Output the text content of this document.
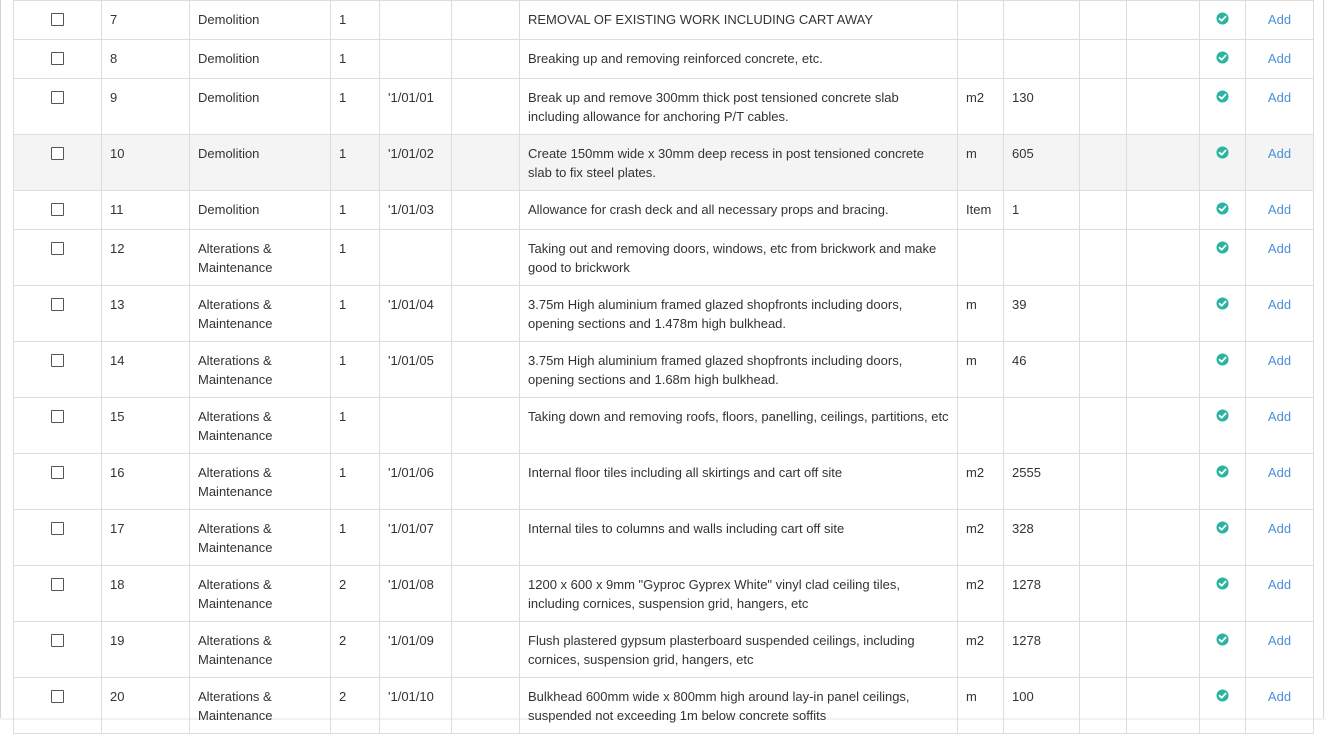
	7	Demolition	1			REMOVAL OF EXISTING WORK INCLUDING CART AWAY						Add
	8	Demolition	1			Breaking up and removing reinforced concrete, etc.						Add
	9	Demolition	1	'1/01/01		Break up and remove 300mm thick post tensioned concrete slab including allowance for anchoring P/T cables.	m2	130				Add
	10	Demolition	1	'1/01/02		Create 150mm wide x 30mm deep recess in post tensioned concrete slab to fix steel plates.	m	605				Add
	11	Demolition	1	'1/01/03		Allowance for crash deck and all necessary props and bracing.	Item	1				Add
	12	Alterations & Maintenance	1			Taking out and removing doors, windows, etc from brickwork and make good to brickwork						Add
	13	Alterations & Maintenance	1	'1/01/04		3.75m High aluminium framed glazed shopfronts including doors, opening sections and 1.478m high bulkhead.	m	39				Add
	14	Alterations & Maintenance	1	'1/01/05		3.75m High aluminium framed glazed shopfronts including doors, opening sections and 1.68m high bulkhead.	m	46				Add
	15	Alterations & Maintenance	1			Taking down and removing roofs, floors, panelling, ceilings, partitions, etc						Add
	16	Alterations & Maintenance	1	'1/01/06		Internal floor tiles including all skirtings and cart off site	m2	2555				Add
	17	Alterations & Maintenance	1	'1/01/07		Internal tiles to columns and walls including cart off site	m2	328				Add
	18	Alterations & Maintenance	2	'1/01/08		1200 x 600 x 9mm "Gyproc Gyprex White" vinyl clad ceiling tiles, including cornices, suspension grid, hangers, etc	m2	1278				Add
	19	Alterations & Maintenance	2	'1/01/09		Flush plastered gypsum plasterboard suspended ceilings, including cornices, suspension grid, hangers, etc	m2	1278				Add
	20	Alterations & Maintenance	2	'1/01/10		Bulkhead 600mm wide x 800mm high around lay-in panel ceilings, suspended not exceeding 1m below concrete soffits	m	100				Add
